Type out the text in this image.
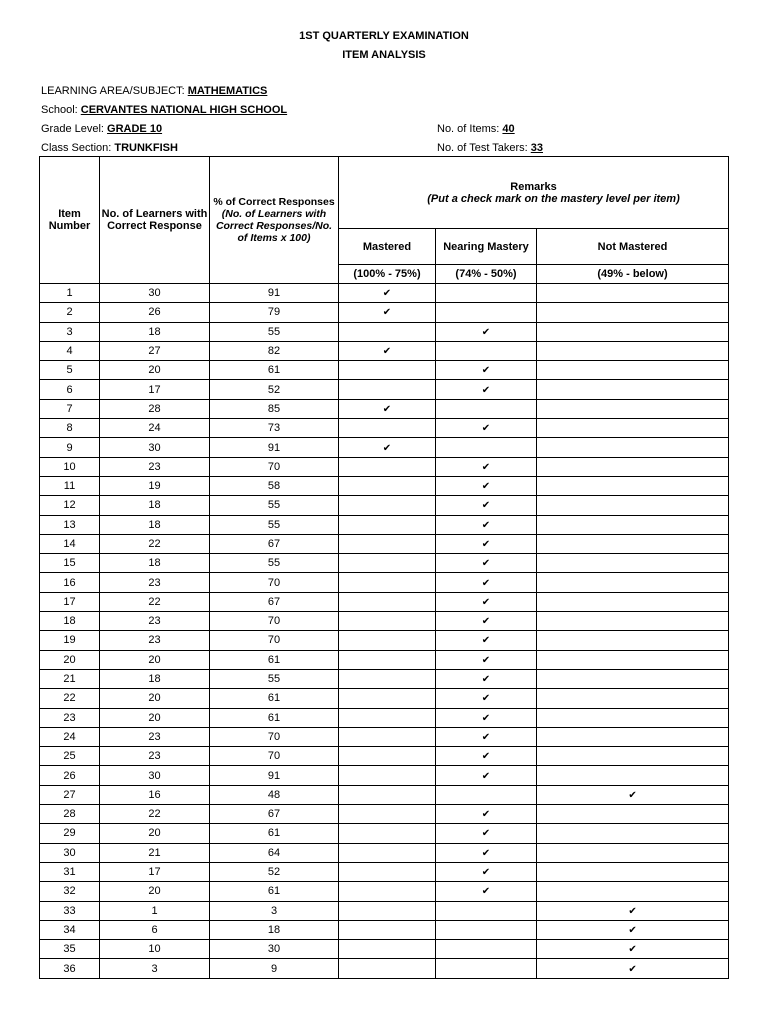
1ST QUARTERLY EXAMINATION
ITEM ANALYSIS
LEARNING AREA/SUBJECT: MATHEMATICS
School: CERVANTES NATIONAL HIGH SCHOOL
Grade Level: GRADE 10
Class Section: TRUNKFISH
No. of Items: 40
No. of Test Takers: 33
Item Number	No. of Learners with Correct Response	% of Correct Responses
(No. of Learners with Correct Responses/No. of Items x 100)	Remarks
(Put a check mark on the mastery level per item)		

			Mastered	Nearing Mastery	Not Mastered
			(100% - 75%)	(74% - 50%)	(49% - below)
1	30	91	✔		
2	26	79	✔		
3	18	55		✔	
4	27	82	✔		
5	20	61		✔	
6	17	52		✔	
7	28	85	✔		
8	24	73		✔	
9	30	91	✔		
10	23	70		✔	
11	19	58		✔	
12	18	55		✔	
13	18	55		✔	
14	22	67		✔	
15	18	55		✔	
16	23	70		✔	
17	22	67		✔	
18	23	70		✔	
19	23	70		✔	
20	20	61		✔	
21	18	55		✔	
22	20	61		✔	
23	20	61		✔	
24	23	70		✔	
25	23	70		✔	
26	30	91		✔	
27	16	48			✔
28	22	67		✔	
29	20	61		✔	
30	21	64		✔	
31	17	52		✔	
32	20	61		✔	
33	1	3			✔
34	6	18			✔
35	10	30			✔
36	3	9			✔
